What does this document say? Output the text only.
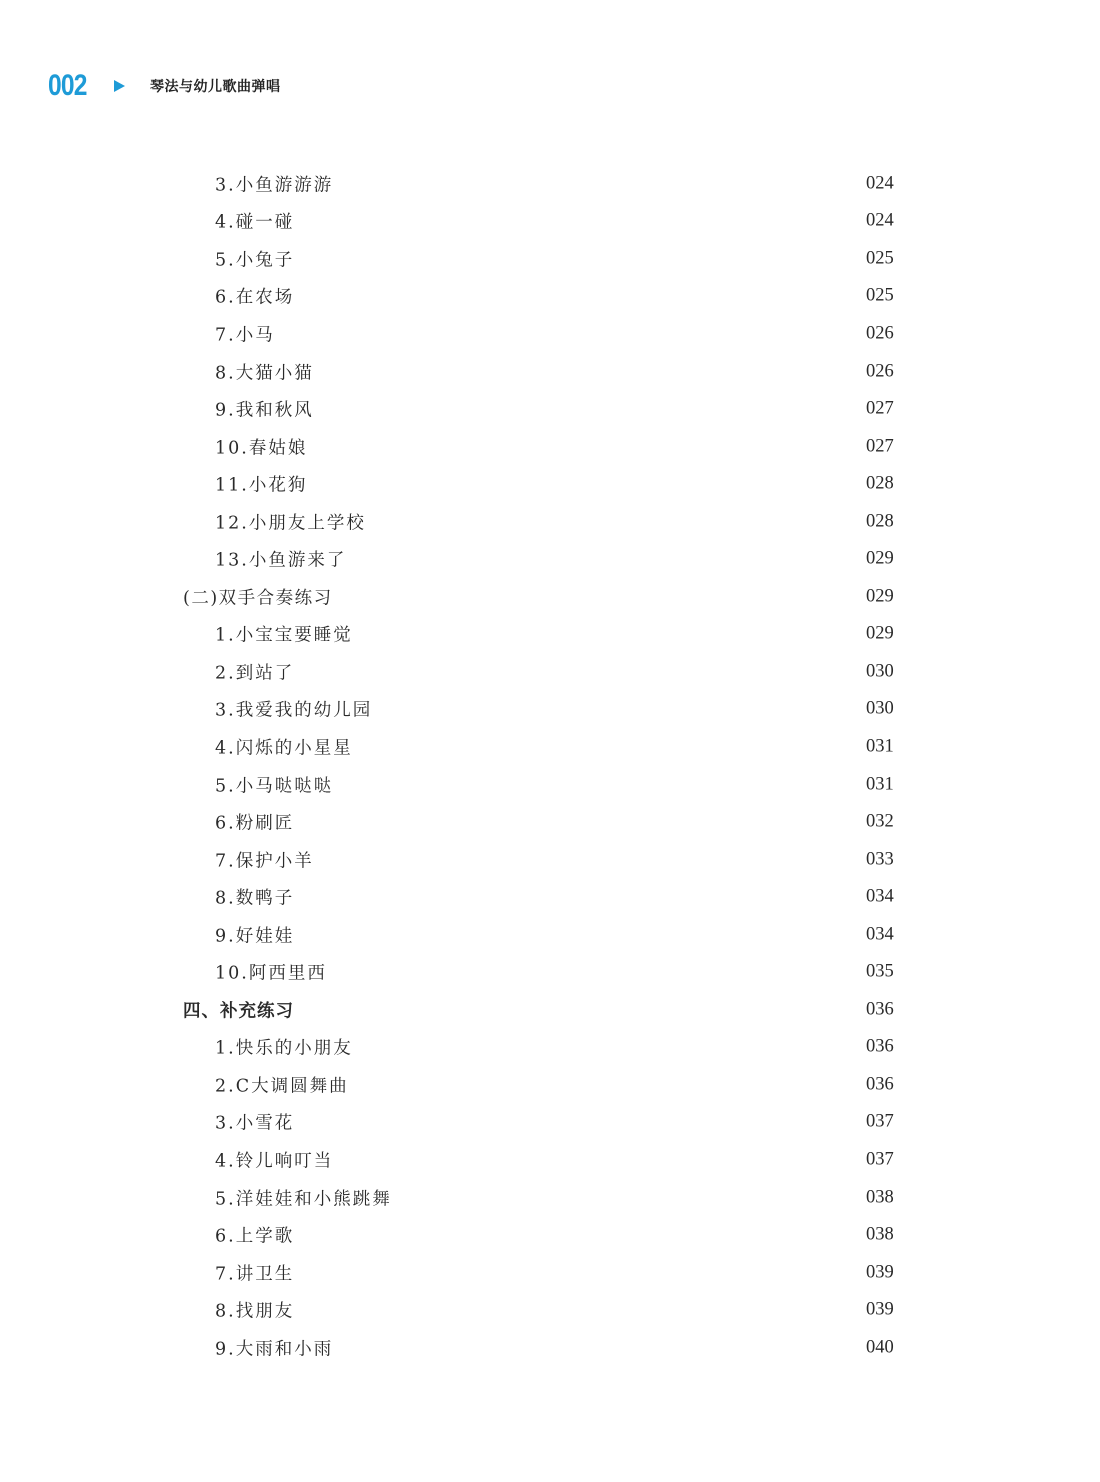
002	琴法与幼儿歌曲弹唱
3.小鱼游游游	024
4.碰一碰	024
5.小兔子	025
6.在农场	025
7.小马	026
8.大猫小猫	026
9.我和秋风	027
10.春姑娘	027
11.小花狗	028
12.小朋友上学校	028
13.小鱼游来了	029
(二)双手合奏练习	029
1.小宝宝要睡觉	029
2.到站了	030
3.我爱我的幼儿园	030
4.闪烁的小星星	031
5.小马哒哒哒	031
6.粉刷匠	032
7.保护小羊	033
8.数鸭子	034
9.好娃娃	034
10.阿西里西	035
四、补充练习	036
1.快乐的小朋友	036
2.C大调圆舞曲	036
3.小雪花	037
4.铃儿响叮当	037
5.洋娃娃和小熊跳舞	038
6.上学歌	038
7.讲卫生	039
8.找朋友	039
9.大雨和小雨	040
